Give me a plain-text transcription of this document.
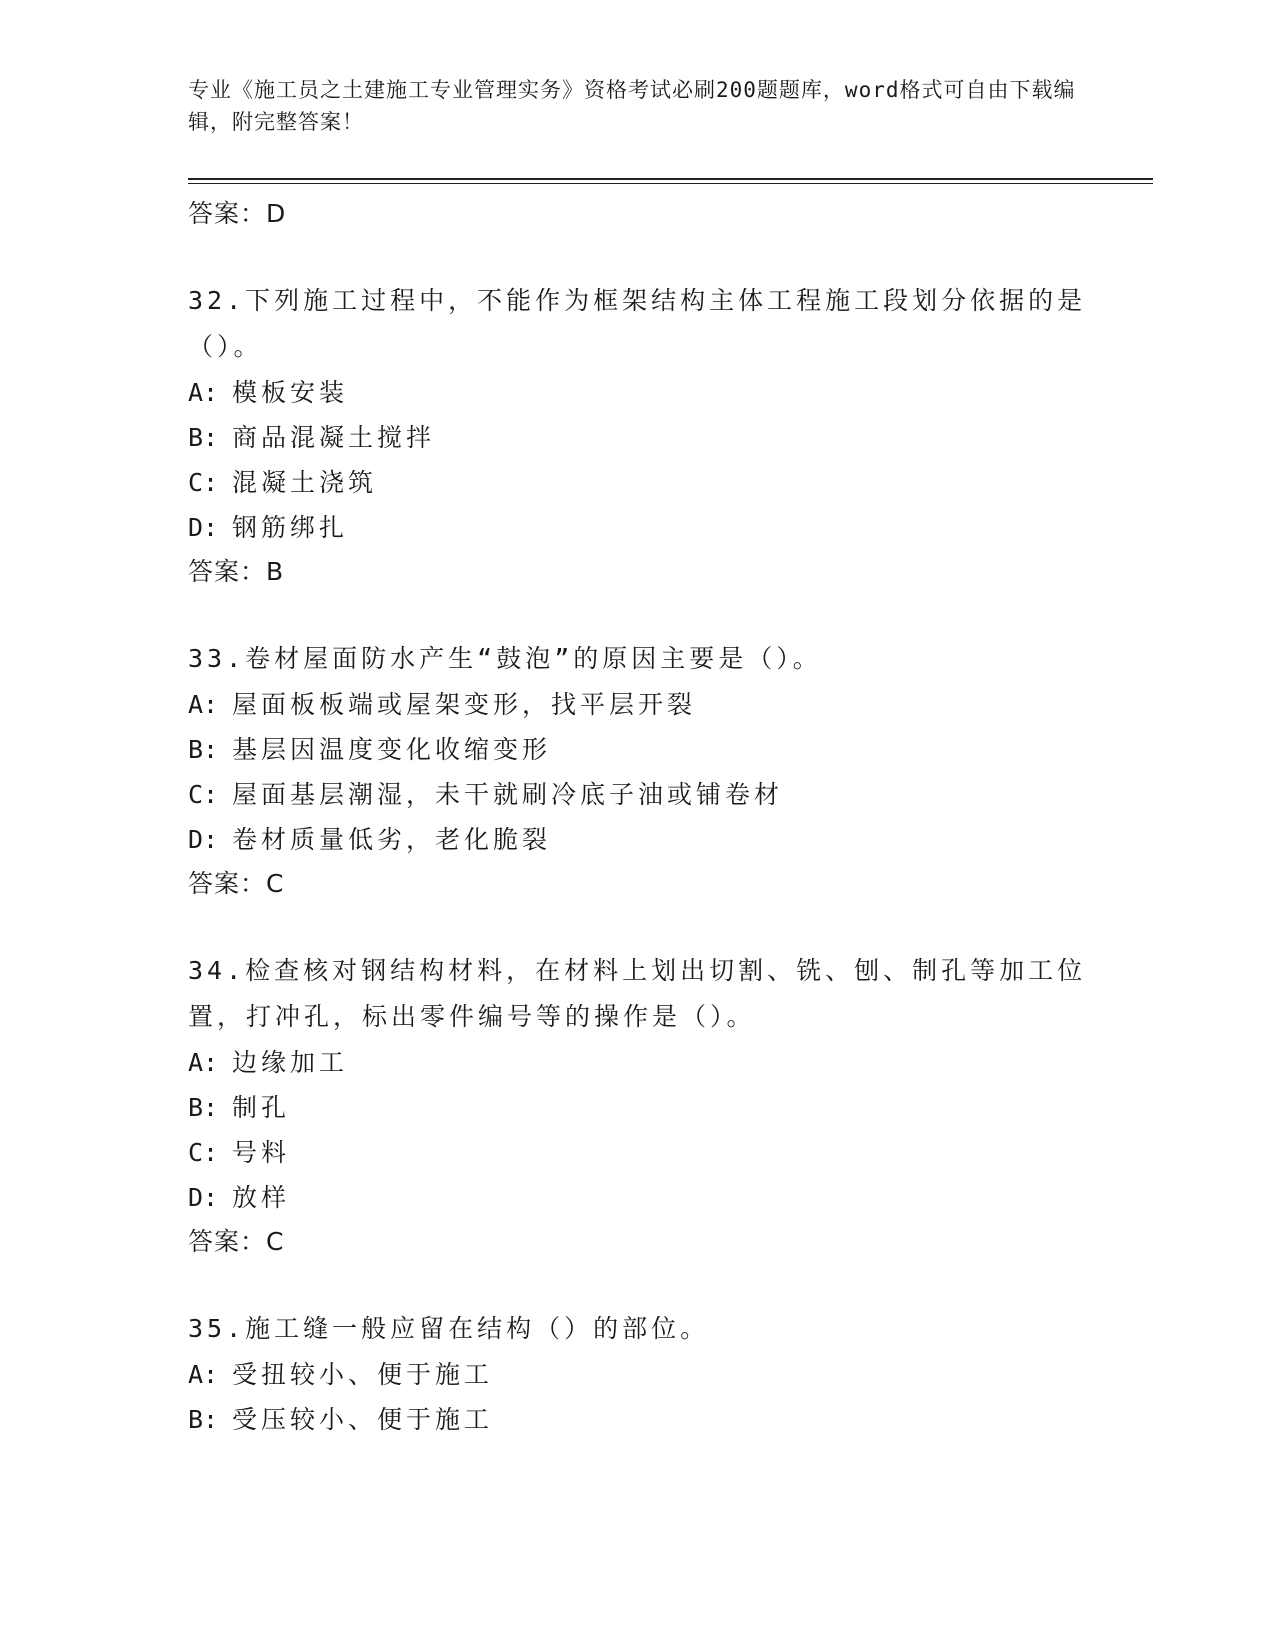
专业《施工员之土建施工专业管理实务》资格考试必刷200题题库，word格式可自由下载编辑，附完整答案！
答案：D
32.下列施工过程中，不能作为框架结构主体工程施工段划分依据的是（）。
A: 模板安装
B: 商品混凝土搅拌
C: 混凝土浇筑
D: 钢筋绑扎
答案：B
33.卷材屋面防水产生“鼓泡”的原因主要是（）。
A: 屋面板板端或屋架变形，找平层开裂
B: 基层因温度变化收缩变形
C: 屋面基层潮湿，未干就刷冷底子油或铺卷材
D: 卷材质量低劣，老化脆裂
答案：C
34.检查核对钢结构材料，在材料上划出切割、铣、刨、制孔等加工位置，打冲孔，标出零件编号等的操作是（）。
A: 边缘加工
B: 制孔
C: 号料
D: 放样
答案：C
35.施工缝一般应留在结构（）的部位。
A: 受扭较小、便于施工
B: 受压较小、便于施工
